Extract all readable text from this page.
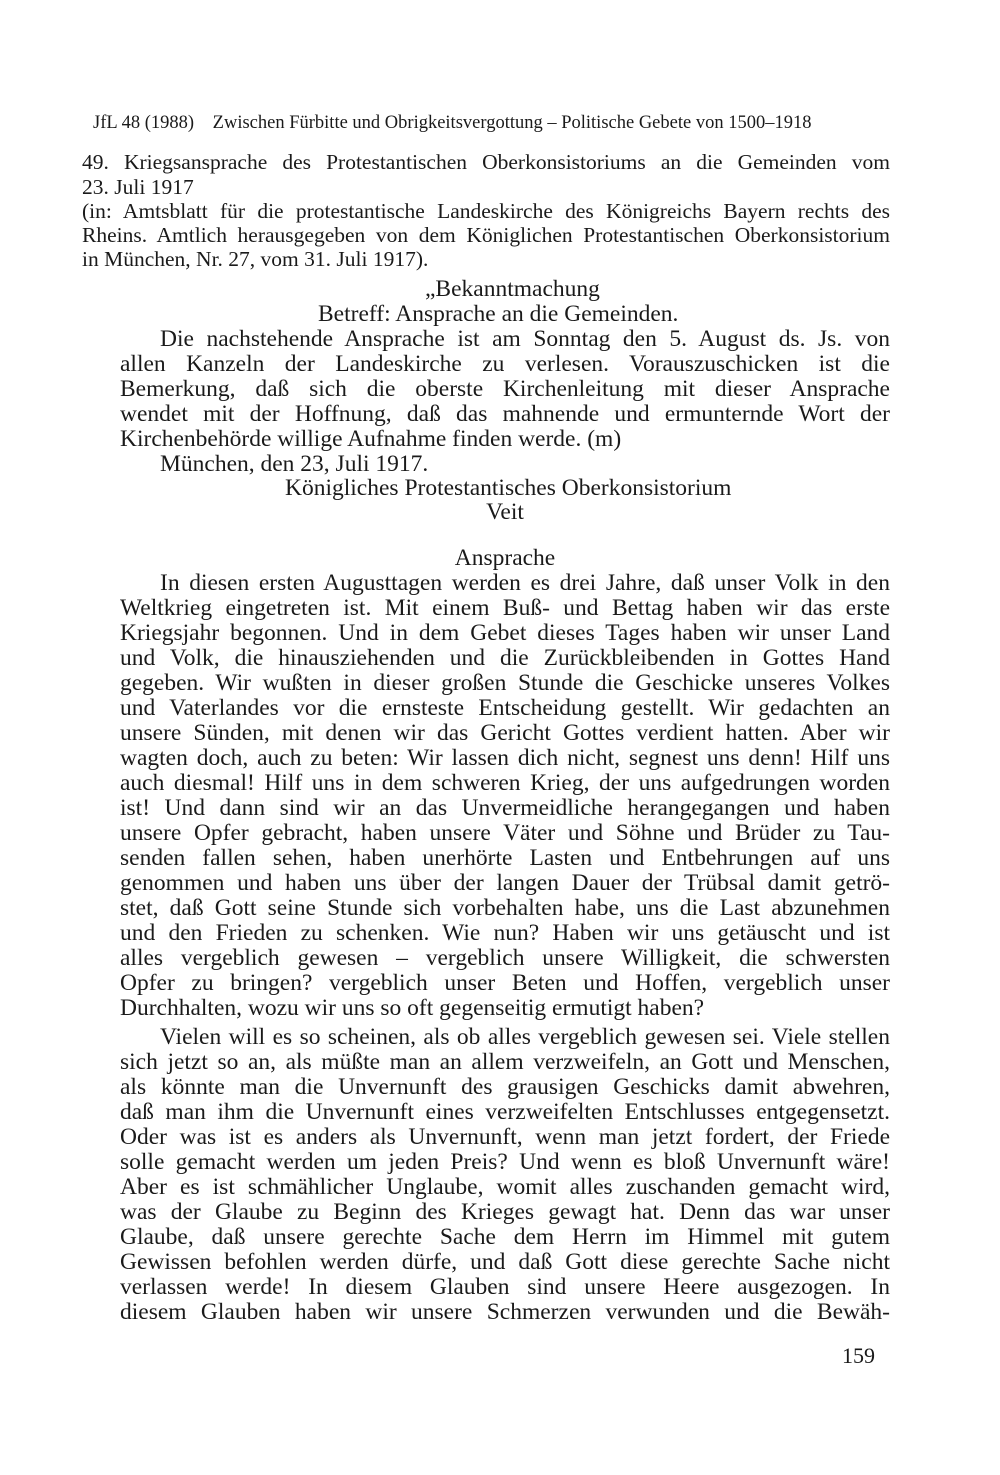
JfL 48 (1988) Zwischen Fürbitte und Obrigkeitsvergottung – Politische Gebete von 1500–1918
49. Kriegsansprache des Protestantischen Oberkonsistoriums an die Gemeinden vom
23. Juli 1917
(in: Amtsblatt für die protestantische Landeskirche des Königreichs Bayern rechts des
Rheins. Amtlich herausgegeben von dem Königlichen Protestantischen Oberkonsistorium
in München, Nr. 27, vom 31. Juli 1917).
„Bekanntmachung
Betreff: Ansprache an die Gemeinden.
Die nachstehende Ansprache ist am Sonntag den 5. August ds. Js. von
allen Kanzeln der Landeskirche zu verlesen. Vorauszuschicken ist die
Bemerkung, daß sich die oberste Kirchenleitung mit dieser Ansprache
wendet mit der Hoffnung, daß das mahnende und ermunternde Wort der
Kirchenbehörde willige Aufnahme finden werde. (m)
München, den 23, Juli 1917.
Königliches Protestantisches Oberkonsistorium
Veit
Ansprache
In diesen ersten Augusttagen werden es drei Jahre, daß unser Volk in den
Weltkrieg eingetreten ist. Mit einem Buß- und Bettag haben wir das erste
Kriegsjahr begonnen. Und in dem Gebet dieses Tages haben wir unser Land
und Volk, die hinausziehenden und die Zurückbleibenden in Gottes Hand
gegeben. Wir wußten in dieser großen Stunde die Geschicke unseres Volkes
und Vaterlandes vor die ernsteste Entscheidung gestellt. Wir gedachten an
unsere Sünden, mit denen wir das Gericht Gottes verdient hatten. Aber wir
wagten doch, auch zu beten: Wir lassen dich nicht, segnest uns denn! Hilf uns
auch diesmal! Hilf uns in dem schweren Krieg, der uns aufgedrungen worden
ist! Und dann sind wir an das Unvermeidliche herangegangen und haben
unsere Opfer gebracht, haben unsere Väter und Söhne und Brüder zu Tau-
senden fallen sehen, haben unerhörte Lasten und Entbehrungen auf uns
genommen und haben uns über der langen Dauer der Trübsal damit getrö-
stet, daß Gott seine Stunde sich vorbehalten habe, uns die Last abzunehmen
und den Frieden zu schenken. Wie nun? Haben wir uns getäuscht und ist
alles vergeblich gewesen – vergeblich unsere Willigkeit, die schwersten
Opfer zu bringen? vergeblich unser Beten und Hoffen, vergeblich unser
Durchhalten, wozu wir uns so oft gegenseitig ermutigt haben?
Vielen will es so scheinen, als ob alles vergeblich gewesen sei. Viele stellen
sich jetzt so an, als müßte man an allem verzweifeln, an Gott und Menschen,
als könnte man die Unvernunft des grausigen Geschicks damit abwehren,
daß man ihm die Unvernunft eines verzweifelten Entschlusses entgegensetzt.
Oder was ist es anders als Unvernunft, wenn man jetzt fordert, der Friede
solle gemacht werden um jeden Preis? Und wenn es bloß Unvernunft wäre!
Aber es ist schmählicher Unglaube, womit alles zuschanden gemacht wird,
was der Glaube zu Beginn des Krieges gewagt hat. Denn das war unser
Glaube, daß unsere gerechte Sache dem Herrn im Himmel mit gutem
Gewissen befohlen werden dürfe, und daß Gott diese gerechte Sache nicht
verlassen werde! In diesem Glauben sind unsere Heere ausgezogen. In
diesem Glauben haben wir unsere Schmerzen verwunden und die Bewäh-
159
